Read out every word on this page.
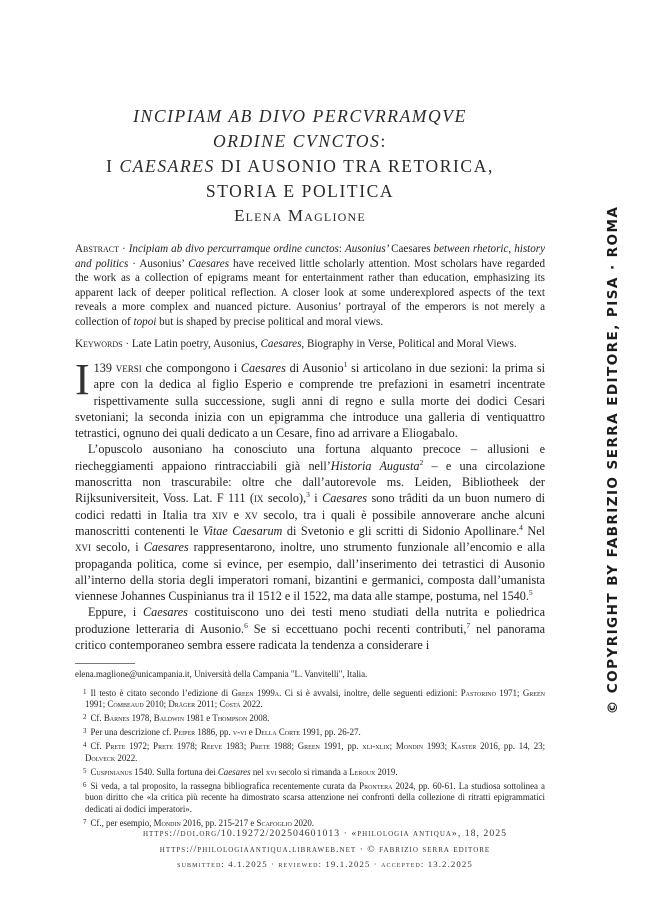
INCIPIAM AB DIVO PERCVRRAMQVE
ORDINE CVNCTOS:
I CAESARES DI AUSONIO TRA RETORICA,
STORIA E POLITICA
Elena Maglione
Abstract · Incipiam ab divo percurramque ordine cunctos: Ausonius’ Caesares between rhetoric, history and politics · Ausonius’ Caesares have received little scholarly attention. Most scholars have regarded the work as a collection of epigrams meant for entertainment rather than education, emphasizing its apparent lack of deeper political reflection. A closer look at some underexplored aspects of the text reveals a more complex and nuanced picture. Ausonius’ portrayal of the emperors is not merely a collection of topoi but is shaped by precise political and moral views.
Keywords · Late Latin poetry, Ausonius, Caesares, Biography in Verse, Political and Moral Views.

I 139 versi che compongono i Caesares di Ausonio$^1$ si articolano in due sezioni: la prima si apre con la dedica al figlio Esperio e comprende tre prefazioni in esametri incentrate rispettivamente sulla successione, sugli anni di regno e sulla morte dei dodici Cesari svetoniani; la seconda inizia con un epigramma che introduce una galleria di ventiquattro tetrastici, ognuno dei quali dedicato a un Cesare, fino ad arrivare a Eliogabalo.

L’opuscolo ausoniano ha conosciuto una fortuna alquanto precoce – allusioni e riecheggiamenti appaiono rintracciabili già nell’Historia Augusta$^2$ – e una circolazione manoscritta non trascurabile: oltre che dall’autorevole ms. Leiden, Bibliotheek der Rijksuniversiteit, Voss. Lat. F 111 (ix secolo),$^3$ i Caesares sono trâditi da un buon numero di codici redatti in Italia tra xiv e xv secolo, tra i quali è possibile annoverare anche alcuni manoscritti contenenti le Vitae Caesarum di Svetonio e gli scritti di Sidonio Apollinare.$^4$ Nel xvi secolo, i Caesares rappresentarono, inoltre, uno strumento funzionale all’encomio e alla propaganda politica, come si evince, per esempio, dall’inserimento dei tetrastici di Ausonio all’interno della storia degli imperatori romani, bizantini e germanici, composta dall’umanista viennese Johannes Cuspinianus tra il 1512 e il 1522, ma data alle stampe, postuma, nel 1540.$^5$

Eppure, i Caesares costituiscono uno dei testi meno studiati della nutrita e poliedrica produzione letteraria di Ausonio.$^6$ Se si eccettuano pochi recenti contributi,$^7$ nel panorama critico contemporaneo sembra essere radicata la tendenza a considerare i

elena.maglione@unicampania.it, Università della Campania "L. Vanvitelli", Italia.
$^1$ Il testo è citato secondo l’edizione di Green 1999a. Ci si è avvalsi, inoltre, delle seguenti edizioni: Pastorino 1971; Green 1991; Combeaud 2010; Dräger 2011; Costa 2022.
$^2$ Cf. Barnes 1978, Baldwin 1981 e Thompson 2008.
$^3$ Per una descrizione cf. Peiper 1886, pp. v-vi e Della Corte 1991, pp. 26-27.
$^4$ Cf. Prete 1972; Prete 1978; Reeve 1983; Prete 1988; Green 1991, pp. xli-xlix; Mondin 1993; Kaster 2016, pp. 14, 23; Dolveck 2022.
$^5$ Cuspinianus 1540. Sulla fortuna dei Caesares nel xvi secolo si rimanda a Leroux 2019.
$^6$ Si veda, a tal proposito, la rassegna bibliografica recentemente curata da Prontera 2024, pp. 60-61. La studiosa sottolinea a buon diritto che «la critica più recente ha dimostrato scarsa attenzione nei confronti della collezione di ritratti epigrammatici dedicati ai dodici imperatori».
$^7$ Cf., per esempio, Mondin 2016, pp. 215-217 e Scafoglio 2020.
https://doi.org/10.19272/202504601013 · «philologia antiqua», 18, 2025
https://philologiaantiqua.libraweb.net · © fabrizio serra editore
submitted: 4.1.2025 · reviewed: 19.1.2025 · accepted: 13.2.2025
© COPYRIGHT BY FABRIZIO SERRA EDITORE, PISA · ROMA
